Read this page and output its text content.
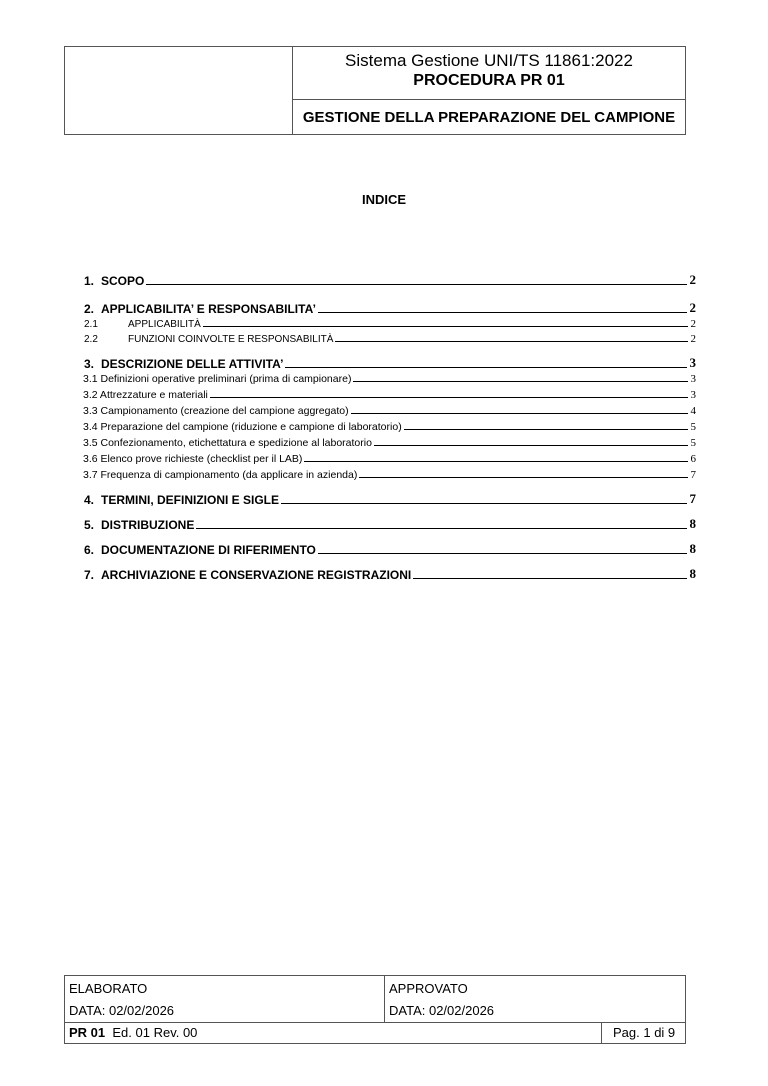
Sistema Gestione UNI/TS 11861:2022
PROCEDURA PR 01
GESTIONE DELLA PREPARAZIONE DEL CAMPIONE
INDICE
1. SCOPO	2
2. APPLICABILITA’ E RESPONSABILITA’	2
2.1	APPLICABILITÀ	2
2.2	FUNZIONI COINVOLTE E RESPONSABILITÀ	2
3. DESCRIZIONE DELLE ATTIVITA’	3
3.1 Definizioni operative preliminari (prima di campionare)	3
3.2 Attrezzature e materiali	3
3.3 Campionamento (creazione del campione aggregato)	4
3.4 Preparazione del campione (riduzione e campione di laboratorio)	5
3.5 Confezionamento, etichettatura e spedizione al laboratorio	5
3.6 Elenco prove richieste (checklist per il LAB)	6
3.7 Frequenza di campionamento (da applicare in azienda)	7
4. TERMINI, DEFINIZIONI E SIGLE	7
5. DISTRIBUZIONE	8
6. DOCUMENTAZIONE DI RIFERIMENTO	8
7. ARCHIVIAZIONE E CONSERVAZIONE REGISTRAZIONI	8
ELABORATO
DATA: 02/02/2026
APPROVATO
DATA: 02/02/2026
PR 01 Ed. 01 Rev. 00	Pag. 1 di 9
